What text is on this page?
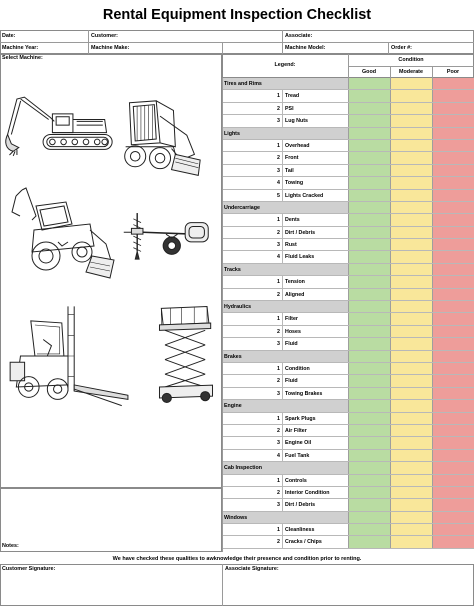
Rental Equipment Inspection Checklist
Date:	Customer:	Associate:
Machine Year:	Machine Make:	Machine Model:	Order #:
Select Machine:
Notes:
Legend:
Condition
Good	Moderate	Poor
Tires and Rims
1 Tread
2 PSI
3 Lug Nuts
Lights
1 Overhead
2 Front
3 Tail
4 Towing
5 Lights Cracked
Undercarriage
1 Dents
2 Dirt / Debris
3 Rust
4 Fluid Leaks
Tracks
1 Tension
2 Aligned
Hydraulics
1 Filter
2 Hoses
3 Fluid
Brakes
1 Condition
2 Fluid
3 Towing Brakes
Engine
1 Spark Plugs
2 Air Filter
3 Engine Oil
4 Fuel Tank
Cab Inspection
1 Controls
2 Interior Condition
3 Dirt / Debris
Windows
1 Cleanliness
2 Cracks / Chips
We have checked these qualities to awknowledge their presence and condition prior to renting.
Customer Signature:	Associate Signature:
